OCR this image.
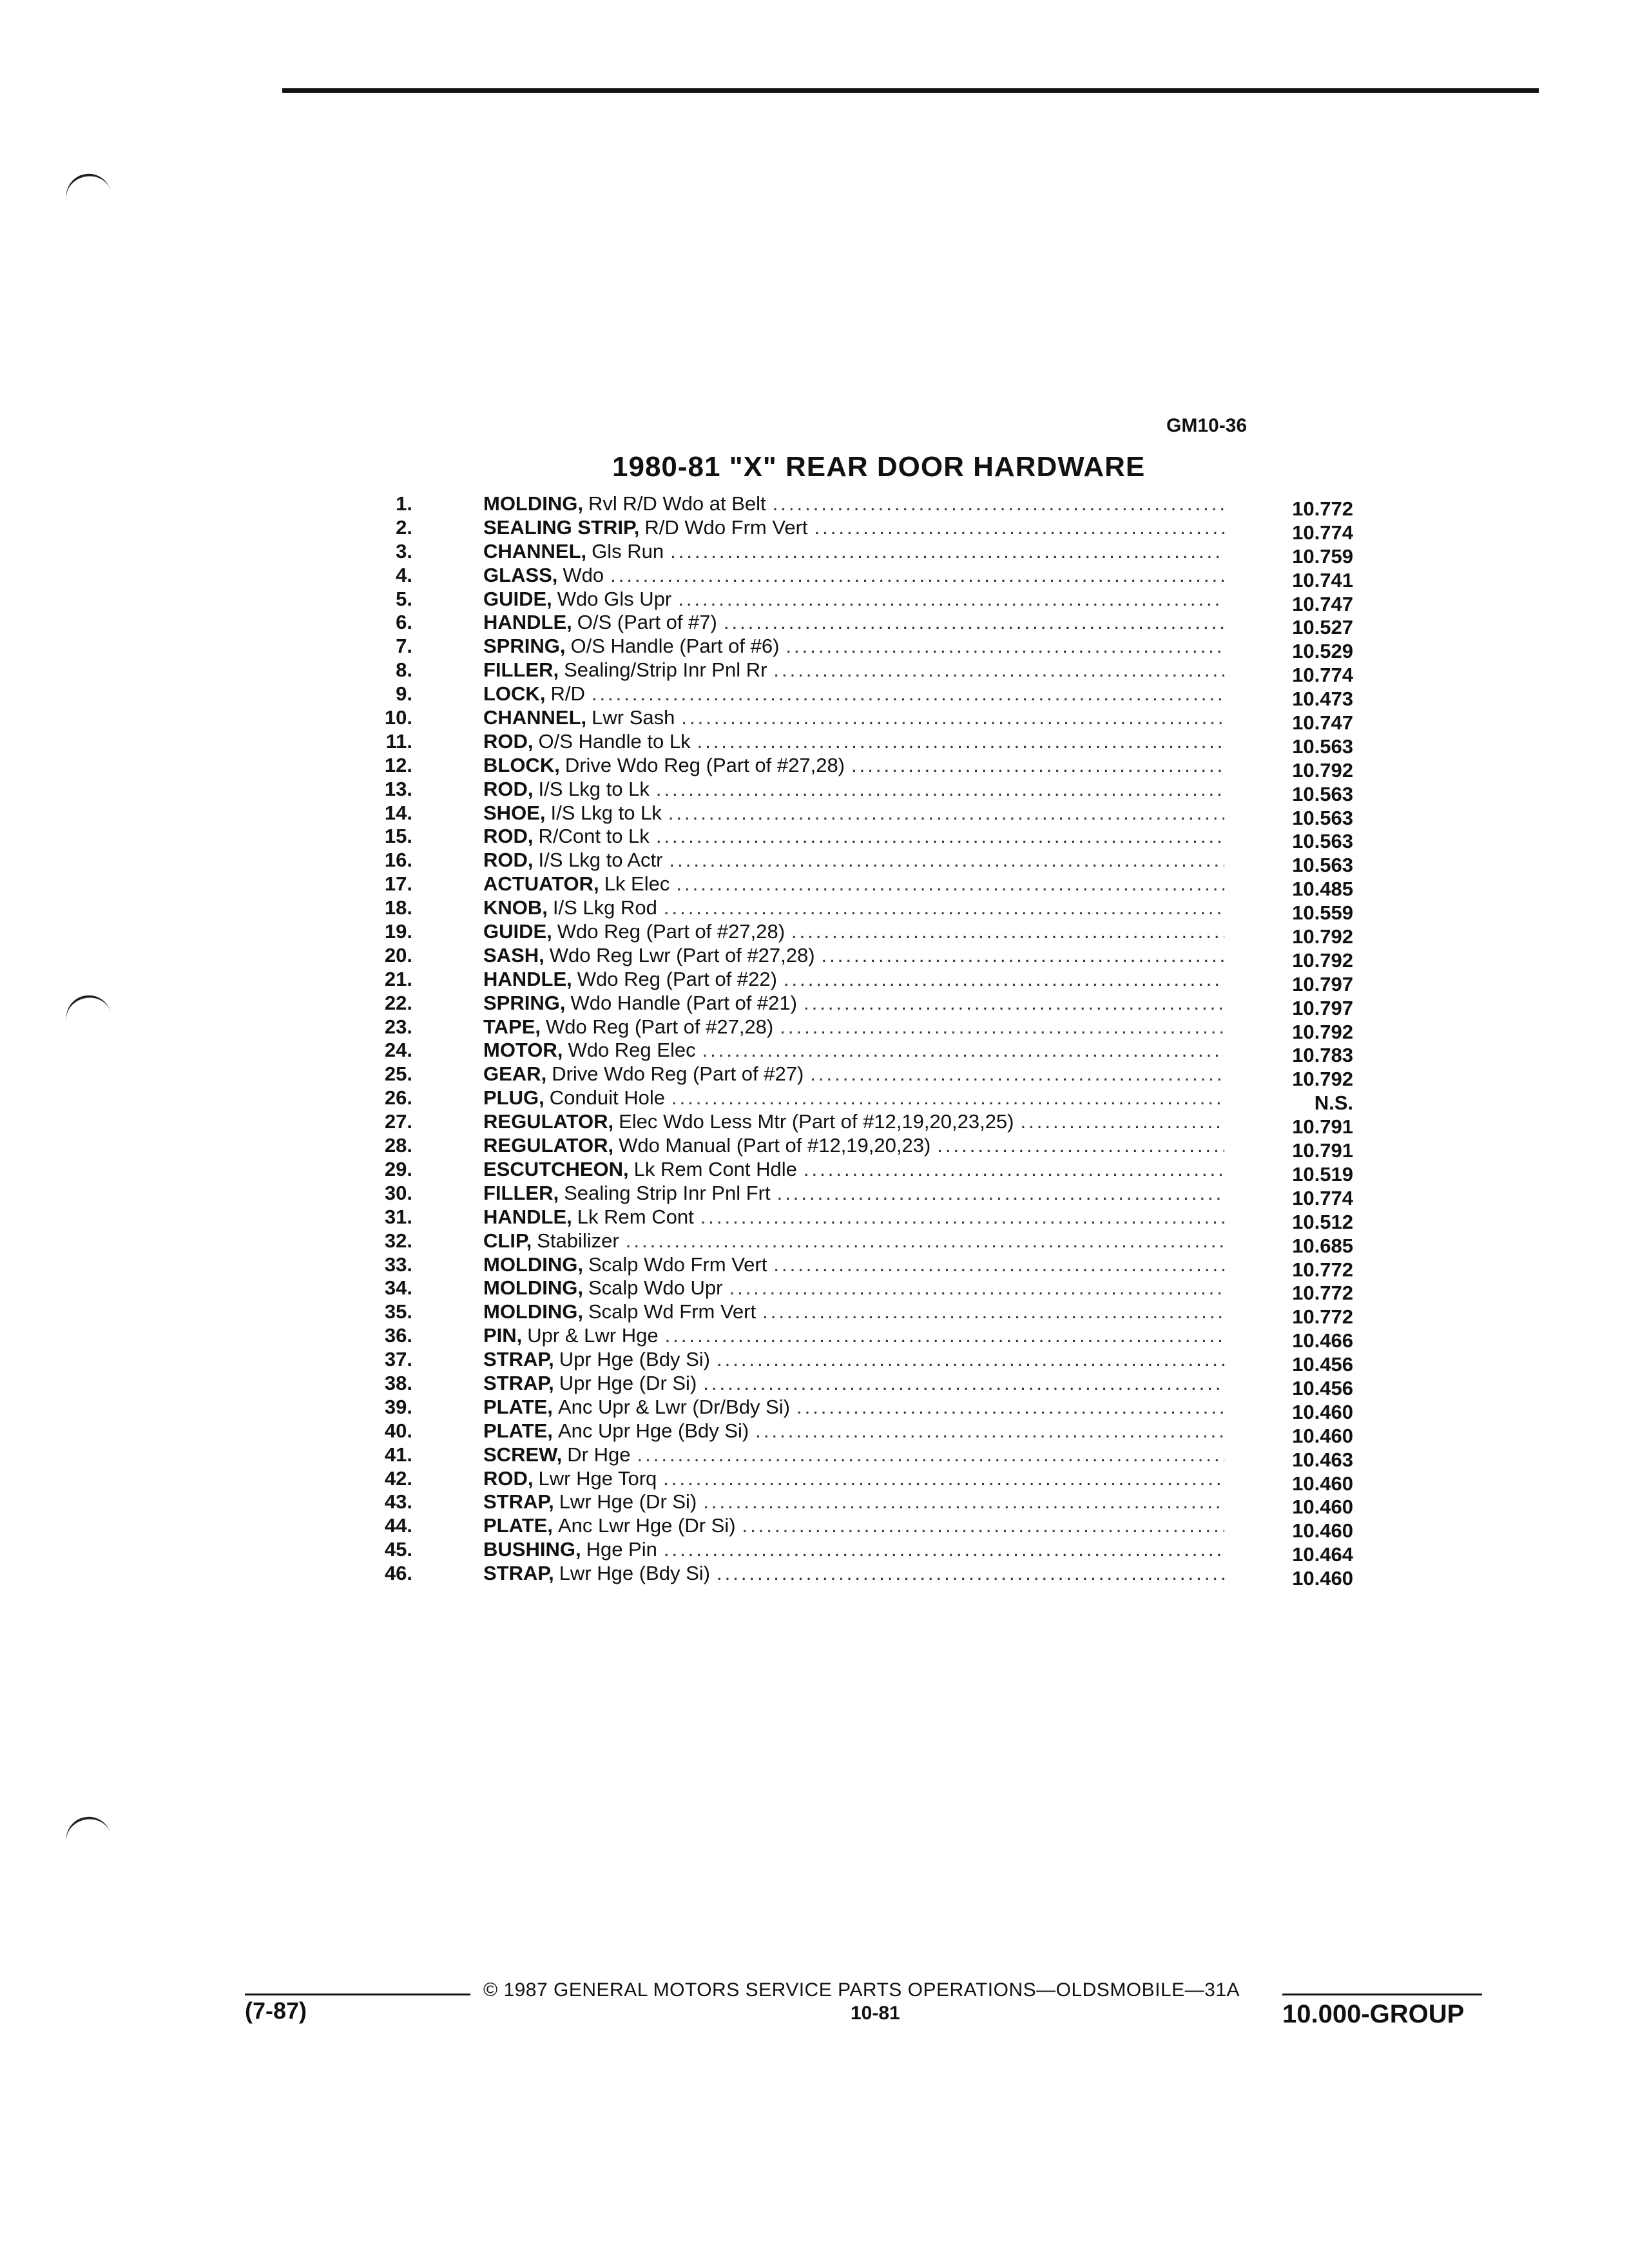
GM10-36
1980-81 "X" REAR DOOR HARDWARE
1.	MOLDING, Rvl R/D Wdo at Belt .....	10.772
2.	SEALING STRIP, R/D Wdo Frm Vert .....	10.774
3.	CHANNEL, Gls Run .....	10.759
4.	GLASS, Wdo .....	10.741
5.	GUIDE, Wdo Gls Upr .....	10.747
6.	HANDLE, O/S (Part of #7) .....	10.527
7.	SPRING, O/S Handle (Part of #6) .....	10.529
8.	FILLER, Sealing/Strip Inr Pnl Rr .....	10.774
9.	LOCK, R/D .....	10.473
10.	CHANNEL, Lwr Sash .....	10.747
11.	ROD, O/S Handle to Lk .....	10.563
12.	BLOCK, Drive Wdo Reg (Part of #27,28) .....	10.792
13.	ROD, I/S Lkg to Lk .....	10.563
14.	SHOE, I/S Lkg to Lk .....	10.563
15.	ROD, R/Cont to Lk .....	10.563
16.	ROD, I/S Lkg to Actr .....	10.563
17.	ACTUATOR, Lk Elec .....	10.485
18.	KNOB, I/S Lkg Rod .....	10.559
19.	GUIDE, Wdo Reg (Part of #27,28) .....	10.792
20.	SASH, Wdo Reg Lwr (Part of #27,28) .....	10.792
21.	HANDLE, Wdo Reg (Part of #22) .....	10.797
22.	SPRING, Wdo Handle (Part of #21) .....	10.797
23.	TAPE, Wdo Reg (Part of #27,28) .....	10.792
24.	MOTOR, Wdo Reg Elec .....	10.783
25.	GEAR, Drive Wdo Reg (Part of #27) .....	10.792
26.	PLUG, Conduit Hole .....	N.S.
27.	REGULATOR, Elec Wdo Less Mtr (Part of #12,19,20,23,25) .....	10.791
28.	REGULATOR, Wdo Manual (Part of #12,19,20,23) .....	10.791
29.	ESCUTCHEON, Lk Rem Cont Hdle .....	10.519
30.	FILLER, Sealing Strip Inr Pnl Frt .....	10.774
31.	HANDLE, Lk Rem Cont .....	10.512
32.	CLIP, Stabilizer .....	10.685
33.	MOLDING, Scalp Wdo Frm Vert .....	10.772
34.	MOLDING, Scalp Wdo Upr .....	10.772
35.	MOLDING, Scalp Wd Frm Vert .....	10.772
36.	PIN, Upr & Lwr Hge .....	10.466
37.	STRAP, Upr Hge (Bdy Si) .....	10.456
38.	STRAP, Upr Hge (Dr Si) .....	10.456
39.	PLATE, Anc Upr & Lwr (Dr/Bdy Si) .....	10.460
40.	PLATE, Anc Upr Hge (Bdy Si) .....	10.460
41.	SCREW, Dr Hge .....	10.463
42.	ROD, Lwr Hge Torq .....	10.460
43.	STRAP, Lwr Hge (Dr Si) .....	10.460
44.	PLATE, Anc Lwr Hge (Dr Si) .....	10.460
45.	BUSHING, Hge Pin .....	10.464
46.	STRAP, Lwr Hge (Bdy Si) .....	10.460
(7-87)
© 1987 GENERAL MOTORS SERVICE PARTS OPERATIONS—OLDSMOBILE—31A
10-81	10.000-GROUP
